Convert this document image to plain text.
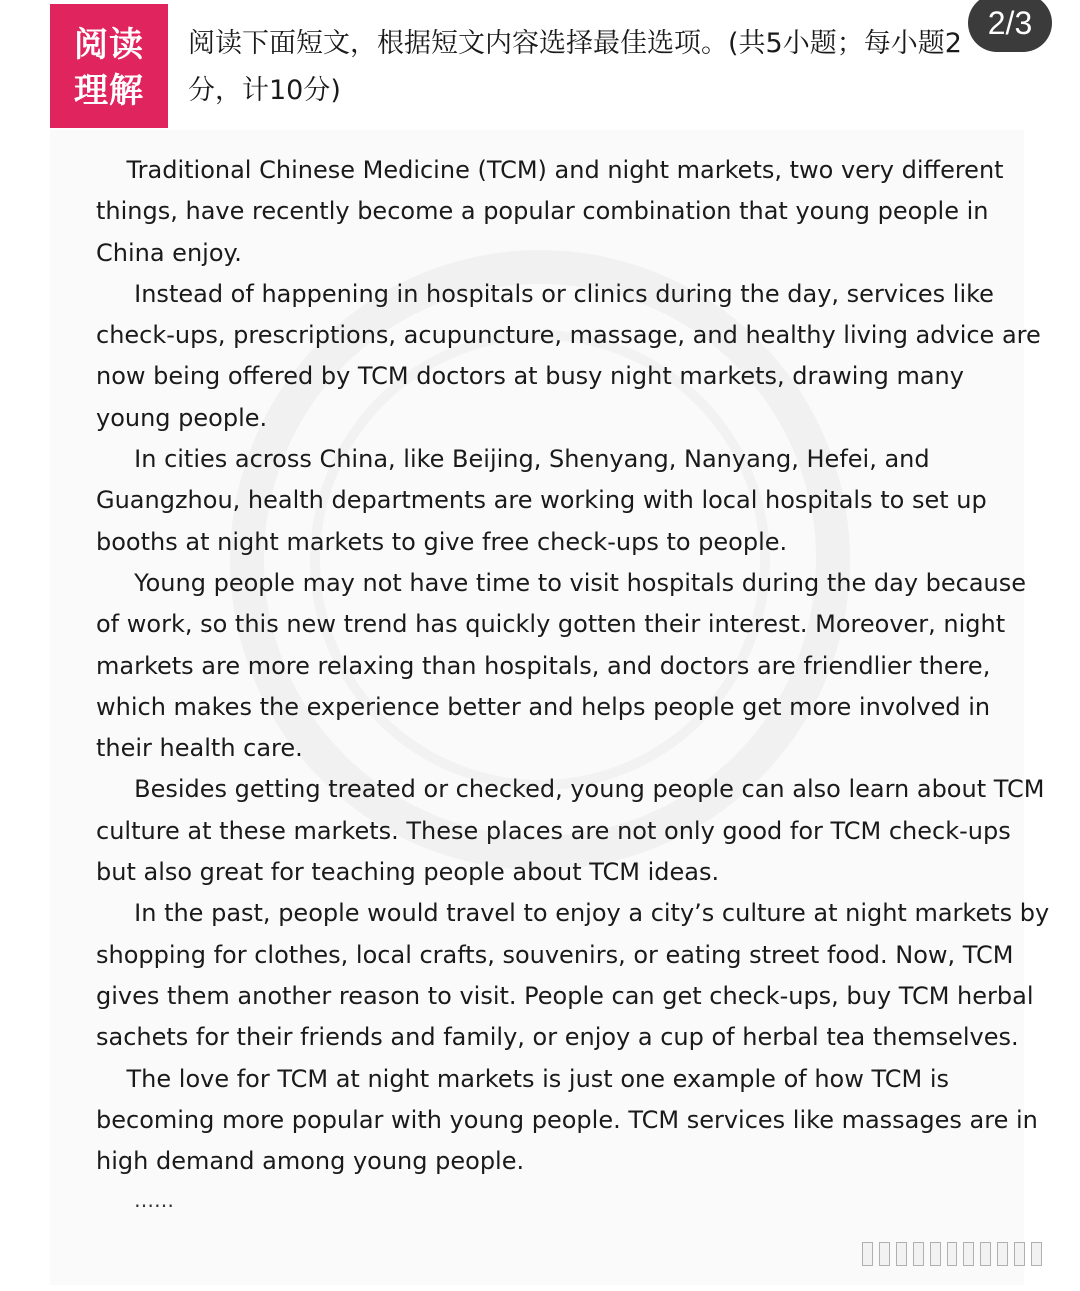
阅读
理解
阅读下面短文，根据短文内容选择最佳选项。(共5小题；每小题2
分，计10分)
2/3
Traditional Chinese Medicine (TCM) and night markets, two very different
things, have recently become a popular combination that young people in
China enjoy.
Instead of happening in hospitals or clinics during the day, services like
check-ups, prescriptions, acupuncture, massage, and healthy living advice are
now being offered by TCM doctors at busy night markets, drawing many
young people.
In cities across China, like Beijing, Shenyang, Nanyang, Hefei, and
Guangzhou, health departments are working with local hospitals to set up
booths at night markets to give free check-ups to people.
Young people may not have time to visit hospitals during the day because
of work, so this new trend has quickly gotten their interest. Moreover, night
markets are more relaxing than hospitals, and doctors are friendlier there,
which makes the experience better and helps people get more involved in
their health care.
Besides getting treated or checked, young people can also learn about TCM
culture at these markets. These places are not only good for TCM check-ups
but also great for teaching people about TCM ideas.
In the past, people would travel to enjoy a city’s culture at night markets by
shopping for clothes, local crafts, souvenirs, or eating street food. Now, TCM
gives them another reason to visit. People can get check-ups, buy TCM herbal
sachets for their friends and family, or enjoy a cup of herbal tea themselves.
The love for TCM at night markets is just one example of how TCM is
becoming more popular with young people. TCM services like massages are in
high demand among young people.
……
